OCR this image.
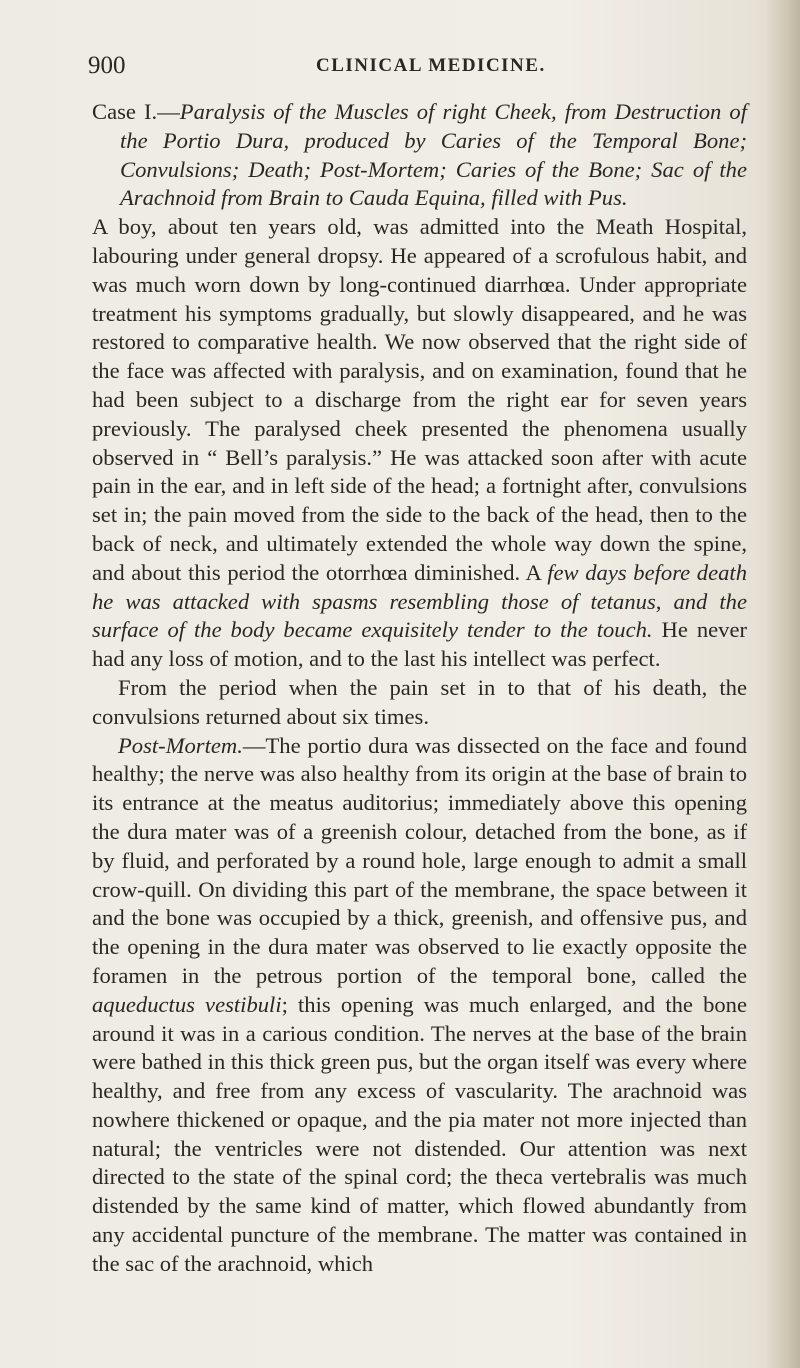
900	CLINICAL MEDICINE.

Case I.—Paralysis of the Muscles of right Cheek, from Destruction of the Portio Dura, produced by Caries of the Temporal Bone; Convulsions; Death; Post-Mortem; Caries of the Bone; Sac of the Arachnoid from Brain to Cauda Equina, filled with Pus.

A boy, about ten years old, was admitted into the Meath Hospital, labouring under general dropsy. He appeared of a scrofulous habit, and was much worn down by long-continued diarrhœa. Under appropriate treatment his symptoms gradually, but slowly disappeared, and he was restored to comparative health. We now observed that the right side of the face was affected with paralysis, and on examination, found that he had been subject to a discharge from the right ear for seven years previously. The paralysed cheek presented the phenomena usually observed in “ Bell’s paralysis.” He was attacked soon after with acute pain in the ear, and in left side of the head; a fortnight after, convulsions set in; the pain moved from the side to the back of the head, then to the back of neck, and ultimately extended the whole way down the spine, and about this period the otorrhœa diminished. A few days before death he was attacked with spasms resembling those of tetanus, and the surface of the body became exquisitely tender to the touch. He never had any loss of motion, and to the last his intellect was perfect.

From the period when the pain set in to that of his death, the convulsions returned about six times.

Post-Mortem.—The portio dura was dissected on the face and found healthy; the nerve was also healthy from its origin at the base of brain to its entrance at the meatus auditorius; immediately above this opening the dura mater was of a greenish colour, detached from the bone, as if by fluid, and perforated by a round hole, large enough to admit a small crow-quill. On dividing this part of the membrane, the space between it and the bone was occupied by a thick, greenish, and offensive pus, and the opening in the dura mater was observed to lie exactly opposite the foramen in the petrous portion of the temporal bone, called the aqueductus vestibuli; this opening was much enlarged, and the bone around it was in a carious condition. The nerves at the base of the brain were bathed in this thick green pus, but the organ itself was every where healthy, and free from any excess of vascularity. The arachnoid was nowhere thickened or opaque, and the pia mater not more injected than natural; the ventricles were not distended. Our attention was next directed to the state of the spinal cord; the theca vertebralis was much distended by the same kind of matter, which flowed abundantly from any accidental puncture of the membrane. The matter was contained in the sac of the arachnoid, which
